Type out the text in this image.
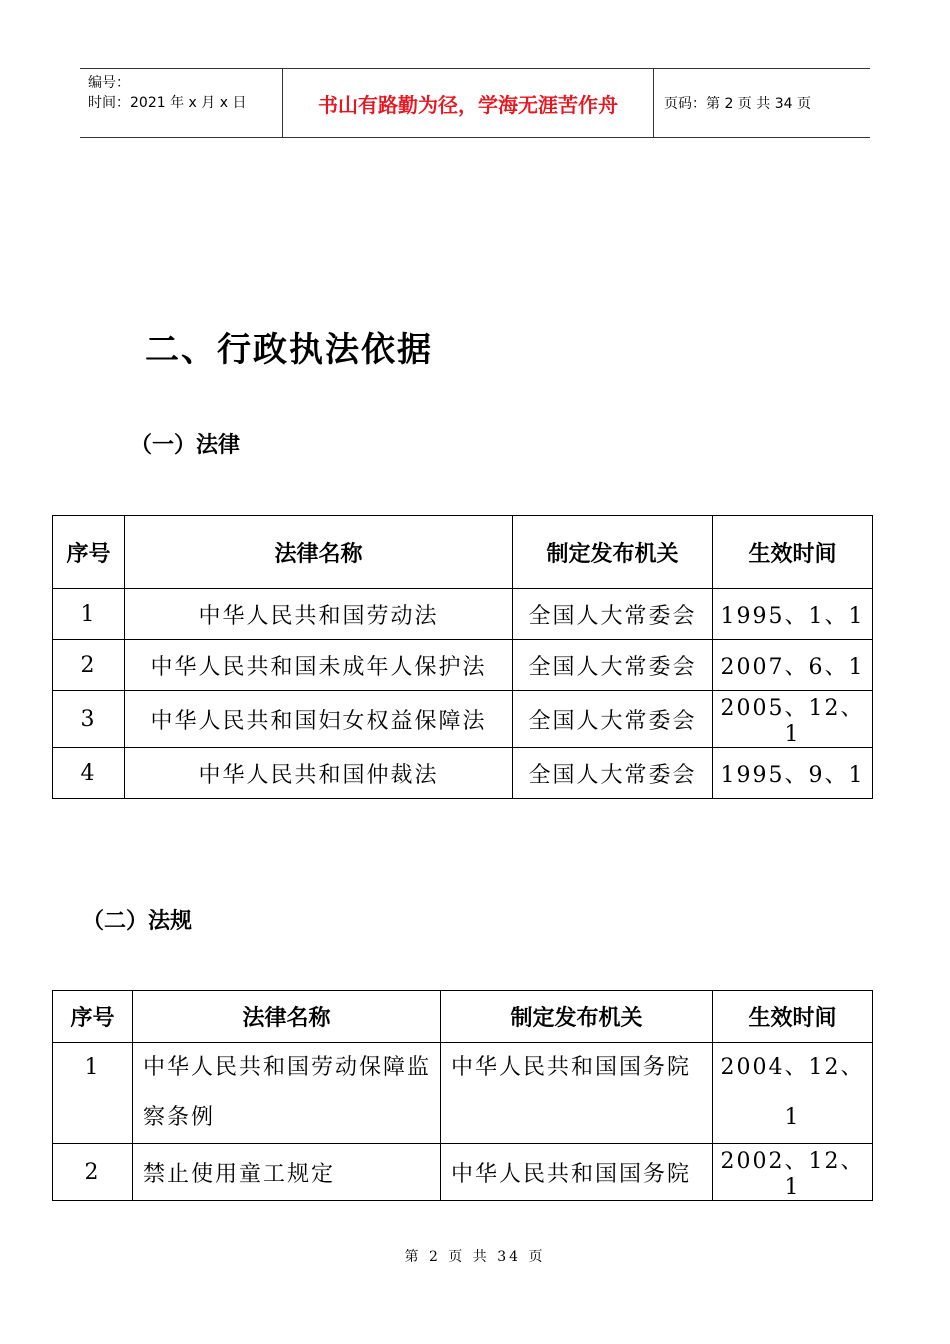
编号：
时间：2021 年 x 月 x 日	书山有路勤为径，学海无涯苦作舟	页码：第 2 页 共 34 页
二、行政执法依据
（一）法律
序号	法律名称	制定发布机关	生效时间
1	中华人民共和国劳动法	全国人大常委会	1995、1、1
2	中华人民共和国未成年人保护法	全国人大常委会	2007、6、1
3	中华人民共和国妇女权益保障法	全国人大常委会	2005、12、1
4	中华人民共和国仲裁法	全国人大常委会	1995、9、1
（二）法规
序号	法律名称	制定发布机关	生效时间
1	中华人民共和国劳动保障监察条例	中华人民共和国国务院	2004、12、1
2	禁止使用童工规定	中华人民共和国国务院	2002、12、1
第 2 页 共 34 页
